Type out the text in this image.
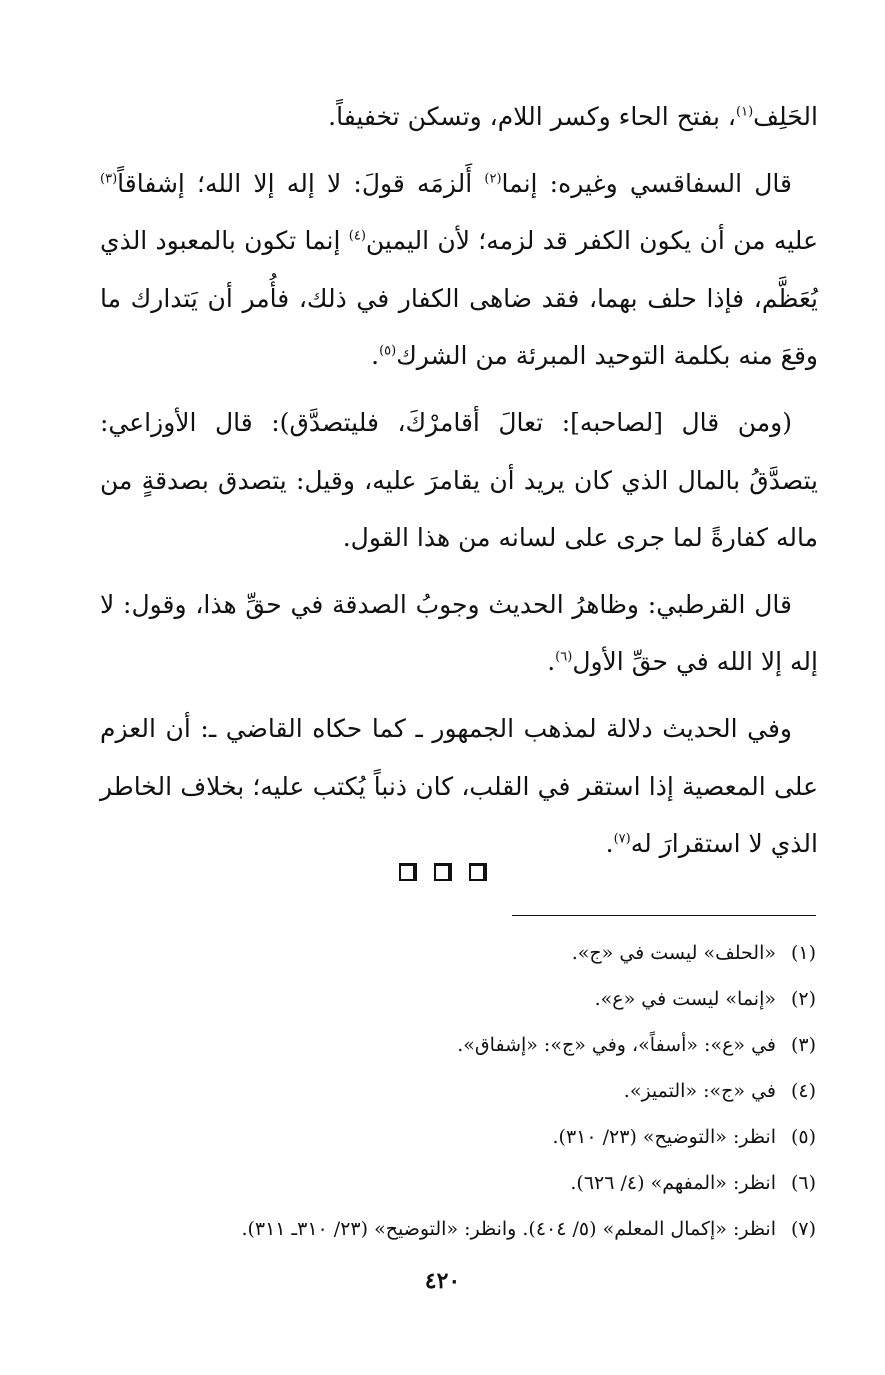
الحَلِف$^{(١)}$، بفتح الحاء وكسر اللام، وتسكن تخفيفاً.

قال السفاقسي وغيره: إنما$^{(٢)}$ أَلزمَه قولَ: لا إله إلا الله؛ إشفاقاً$^{(٣)}$ عليه من أن يكون الكفر قد لزمه؛ لأن اليمين$^{(٤)}$ إنما تكون بالمعبود الذي يُعَظَّم، فإذا حلف بهما، فقد ضاهى الكفار في ذلك، فأُمر أن يَتدارك ما وقعَ منه بكلمة التوحيد المبرئة من الشرك$^{(٥)}$.

(ومن قال [لصاحبه]: تعالَ أقامرْكَ، فليتصدَّق): قال الأوزاعي: يتصدَّقُ بالمال الذي كان يريد أن يقامرَ عليه، وقيل: يتصدق بصدقةٍ من ماله كفارةً لما جرى على لسانه من هذا القول.

قال القرطبي: وظاهرُ الحديث وجوبُ الصدقة في حقِّ هذا، وقول: لا إله إلا الله في حقِّ الأول$^{(٦)}$.

وفي الحديث دلالة لمذهب الجمهور ـ كما حكاه القاضي ـ: أن العزم على المعصية إذا استقر في القلب، كان ذنباً يُكتب عليه؛ بخلاف الخاطر الذي لا استقرارَ له$^{(٧)}$.

(١)«الحلف» ليست في «ج».
(٢)«إنما» ليست في «ع».
(٣)في «ع»: «أسفاً»، وفي «ج»: «إشفاق».
(٤)في «ج»: «التميز».
(٥)انظر: «التوضيح» (٢٣/ ٣١٠).
(٦)انظر: «المفهم» (٤/ ٦٢٦).
(٧)انظر: «إكمال المعلم» (٥/ ٤٠٤). وانظر: «التوضيح» (٢٣/ ٣١٠ـ ٣١١).
٤٢٠
